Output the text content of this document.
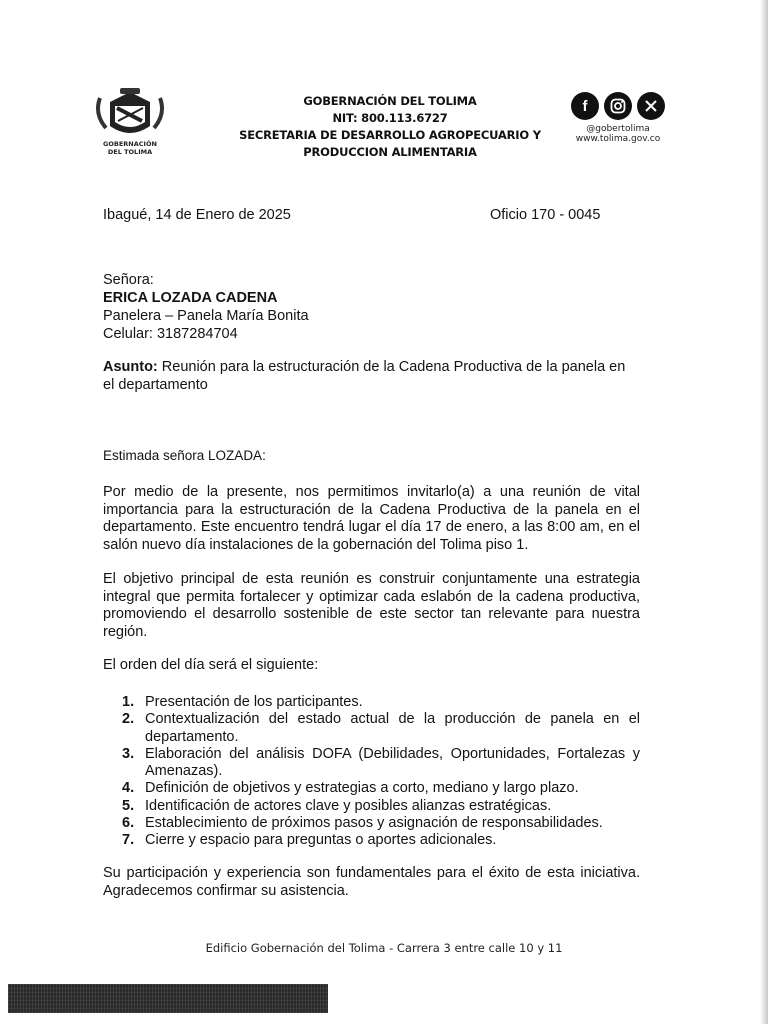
GOBERNACIÓN
DEL TOLIMA
GOBERNACIÓN DEL TOLIMA
NIT: 800.113.6727
SECRETARIA DE DESARROLLO AGROPECUARIO Y
PRODUCCION ALIMENTARIA
f
@gobertolima
www.tolima.gov.co
Ibagué, 14 de Enero de 2025	Oficio 170 - 0045
Señora:
ERICA LOZADA CADENA
Panelera – Panela María Bonita
Celular: 3187284704
Asunto: Reunión para la estructuración de la Cadena Productiva de la panela en el departamento
Estimada señora LOZADA:
Por medio de la presente, nos permitimos invitarlo(a) a una reunión de vital importancia para la estructuración de la Cadena Productiva de la panela en el departamento. Este encuentro tendrá lugar el día 17 de enero, a las 8:00 am, en el salón nuevo día instalaciones de la gobernación del Tolima piso 1.
El objetivo principal de esta reunión es construir conjuntamente una estrategia integral que permita fortalecer y optimizar cada eslabón de la cadena productiva, promoviendo el desarrollo sostenible de este sector tan relevante para nuestra región.
El orden del día será el siguiente:
1. Presentación de los participantes.
2. Contextualización del estado actual de la producción de panela en el departamento.
3. Elaboración del análisis DOFA (Debilidades, Oportunidades, Fortalezas y Amenazas).
4. Definición de objetivos y estrategias a corto, mediano y largo plazo.
5. Identificación de actores clave y posibles alianzas estratégicas.
6. Establecimiento de próximos pasos y asignación de responsabilidades.
7. Cierre y espacio para preguntas o aportes adicionales.
Su participación y experiencia son fundamentales para el éxito de esta iniciativa. Agradecemos confirmar su asistencia.
Edificio Gobernación del Tolima - Carrera 3 entre calle 10 y 11
